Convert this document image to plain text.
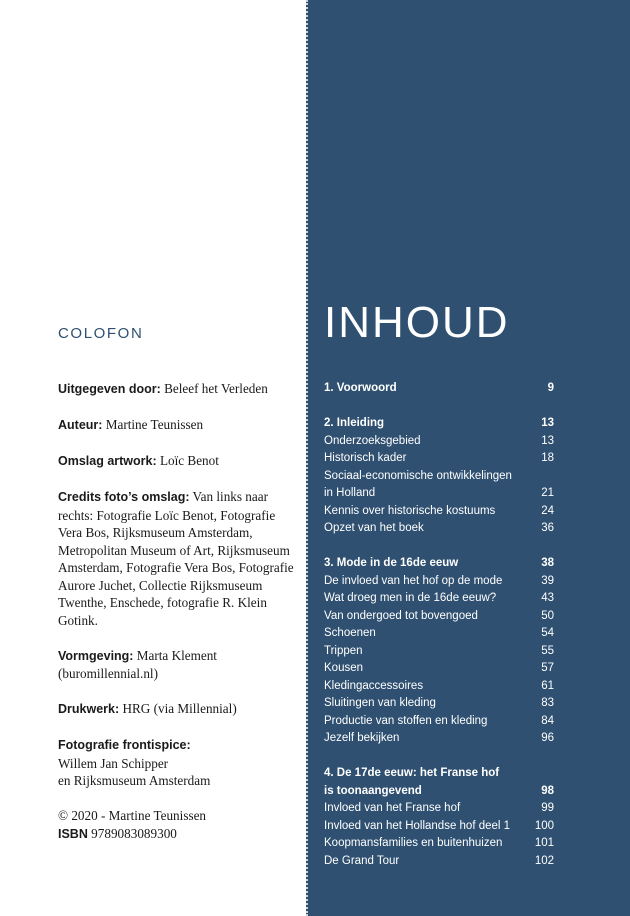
COLOFON
Uitgegeven door: Beleef het Verleden
Auteur: Martine Teunissen
Omslag artwork: Loïc Benot
Credits foto’s omslag: Van links naar rechts: Fotografie Loïc Benot, Fotografie Vera Bos, Rijksmuseum Amsterdam, Metropolitan Museum of Art, Rijksmuseum Amsterdam, Fotografie Vera Bos, Fotografie Aurore Juchet, Collectie Rijksmuseum Twenthe, Enschede, fotografie R. Klein Gotink.
Vormgeving: Marta Klement (buromillennial.nl)
Drukwerk: HRG (via Millennial)
Fotografie frontispice:
Willem Jan Schipper
en Rijksmuseum Amsterdam
© 2020 - Martine Teunissen
ISBN 9789083089300
INHOUD
1. Voorwoord	9
2. Inleiding	13
Onderzoeksgebied	13
Historisch kader	18
Sociaal-economische ontwikkelingen
in Holland	21
Kennis over historische kostuums	24
Opzet van het boek	36
3. Mode in de 16de eeuw	38
De invloed van het hof op de mode	39
Wat droeg men in de 16de eeuw?	43
Van ondergoed tot bovengoed	50
Schoenen	54
Trippen	55
Kousen	57
Kledingaccessoires	61
Sluitingen van kleding	83
Productie van stoffen en kleding	84
Jezelf bekijken	96
4. De 17de eeuw: het Franse hof
is toonaangevend	98
Invloed van het Franse hof	99
Invloed van het Hollandse hof deel 1	100
Koopmansfamilies en buitenhuizen	101
De Grand Tour	102
